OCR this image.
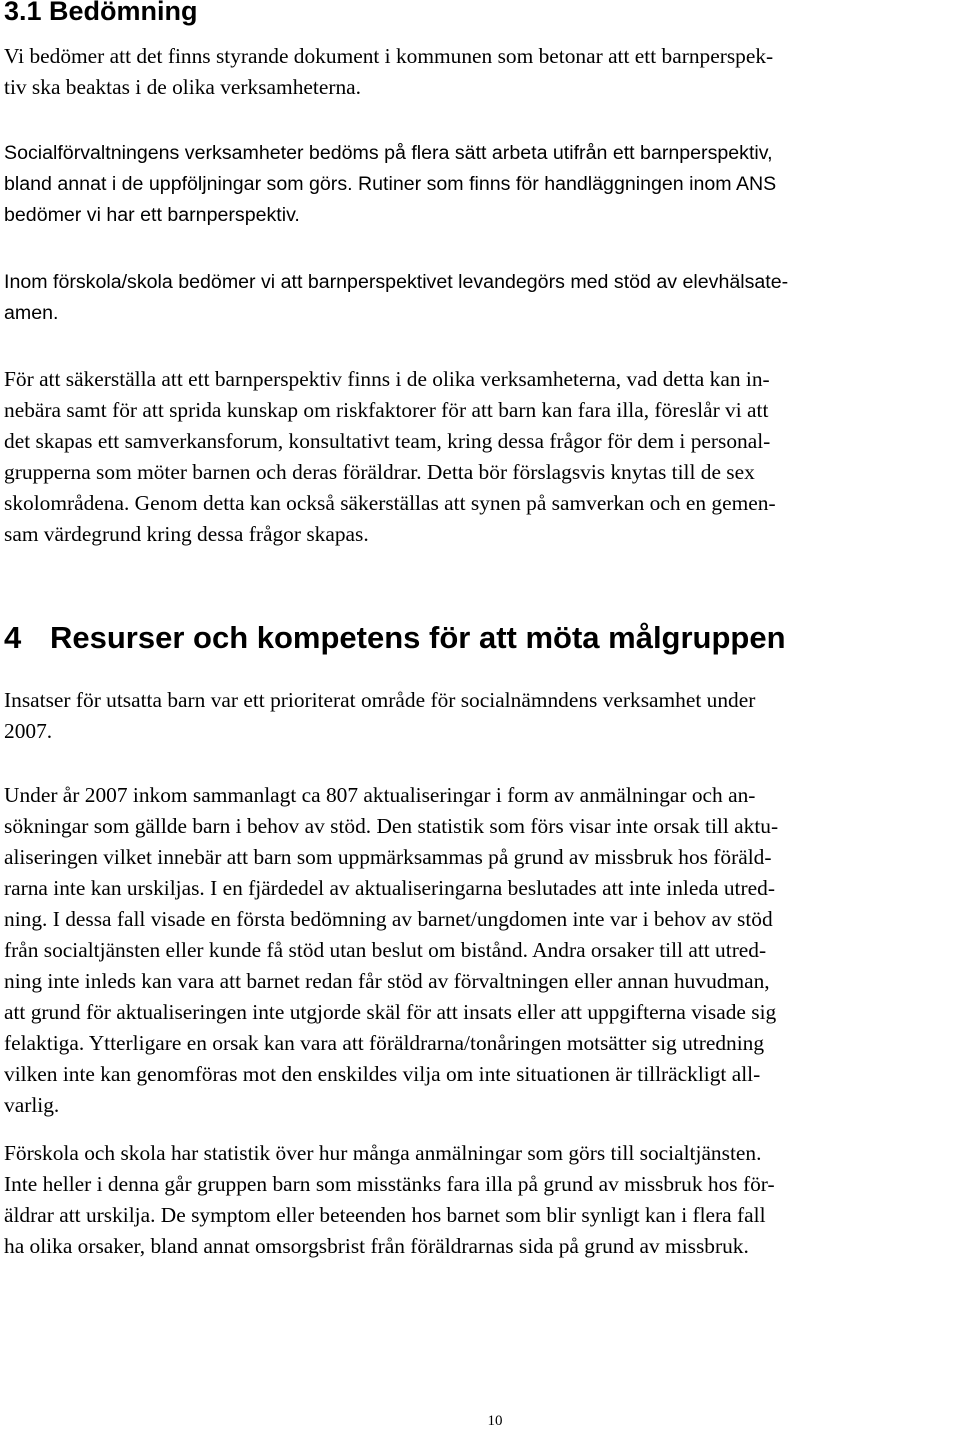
3.1 Bedömning

Vi bedömer att det finns styrande dokument i kommunen som betonar att ett barnperspek-
tiv ska beaktas i de olika verksamheterna.

Socialförvaltningens verksamheter bedöms på flera sätt arbeta utifrån ett barnperspektiv,
bland annat i de uppföljningar som görs. Rutiner som finns för handläggningen inom ANS
bedömer vi har ett barnperspektiv.

Inom förskola/skola bedömer vi att barnperspektivet levandegörs med stöd av elevhälsate-
amen.

För att säkerställa att ett barnperspektiv finns i de olika verksamheterna, vad detta kan in-
nebära samt för att sprida kunskap om riskfaktorer för att barn kan fara illa, föreslår vi att
det skapas ett samverkansforum, konsultativt team, kring dessa frågor för dem i personal-
grupperna som möter barnen och deras föräldrar. Detta bör förslagsvis knytas till de sex
skolområdena. Genom detta kan också säkerställas att synen på samverkan och en gemen-
sam värdegrund kring dessa frågor skapas.

4 Resurser och kompetens för att möta målgruppen

Insatser för utsatta barn var ett prioriterat område för socialnämndens verksamhet under
2007.

Under år 2007 inkom sammanlagt ca 807 aktualiseringar i form av anmälningar och an-
sökningar som gällde barn i behov av stöd. Den statistik som förs visar inte orsak till aktu-
aliseringen vilket innebär att barn som uppmärksammas på grund av missbruk hos föräld-
rarna inte kan urskiljas. I en fjärdedel av aktualiseringarna beslutades att inte inleda utred-
ning. I dessa fall visade en första bedömning av barnet/ungdomen inte var i behov av stöd
från socialtjänsten eller kunde få stöd utan beslut om bistånd. Andra orsaker till att utred-
ning inte inleds kan vara att barnet redan får stöd av förvaltningen eller annan huvudman,
att grund för aktualiseringen inte utgjorde skäl för att insats eller att uppgifterna visade sig
felaktiga. Ytterligare en orsak kan vara att föräldrarna/tonåringen motsätter sig utredning
vilken inte kan genomföras mot den enskildes vilja om inte situationen är tillräckligt all-
varlig.

Förskola och skola har statistik över hur många anmälningar som görs till socialtjänsten.
Inte heller i denna går gruppen barn som misstänks fara illa på grund av missbruk hos för-
äldrar att urskilja. De symptom eller beteenden hos barnet som blir synligt kan i flera fall
ha olika orsaker, bland annat omsorgsbrist från föräldrarnas sida på grund av missbruk.

10
